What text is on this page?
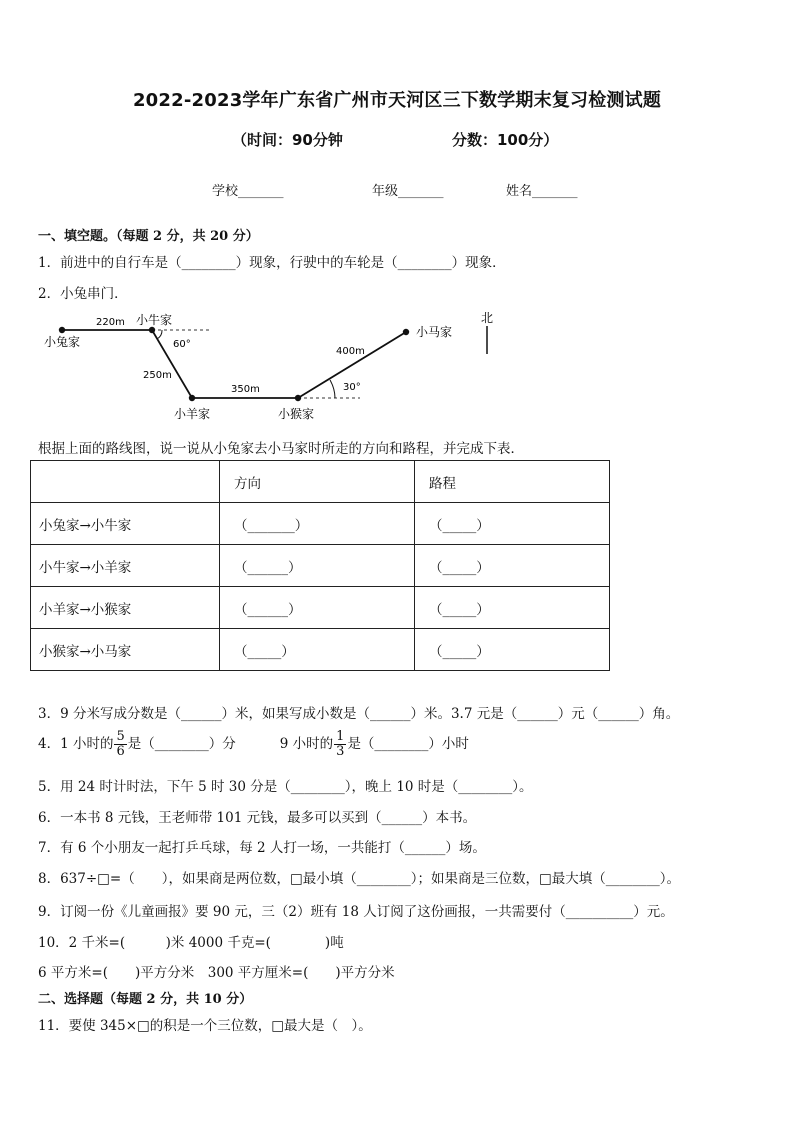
2022-2023学年广东省广州市天河区三下数学期末复习检测试题
（时间：90分钟	分数：100分）
学校_______	年级_______	姓名_______
一、填空题。（每题 2 分，共 20 分）
1．前进中的自行车是（________）现象，行驶中的车轮是（________）现象．
2．小兔串门．
小兔家
小牛家
小羊家	小猴家
小马家
220m
250m
350m
400m
60°
30°
北
根据上面的路线图，说一说从小兔家去小马家时所走的方向和路程，并完成下表．
	方向	路程
小兔家→小牛家	（_______）	（_____）
小牛家→小羊家	（______）	（_____）
小羊家→小猴家	（______）	（_____）
小猴家→小马家	（_____）	（_____）
3．9 分米写成分数是（______）米，如果写成小数是（______）米。3.7 元是（______）元（______）角。
4．1 小时的 $\frac{5}{6}$ 是（________）分	9 小时的 $\frac{1}{3}$ 是（________）小时
5．用 24 时计时法，下午 5 时 30 分是（________），晚上 10 时是（________）。
6．一本书 8 元钱，王老师带 101 元钱，最多可以买到（______）本书。
7．有 6 个小朋友一起打乒乓球，每 2 人打一场，一共能打（______）场。
8．637÷□=（　　），如果商是两位数，□最小填（________）；如果商是三位数，□最大填（________）。
9．订阅一份《儿童画报》要 90 元，三（2）班有 18 人订阅了这份画报，一共需要付（__________）元。
10．2 千米=(　　　)米 4000 千克=(　　　　)吨
6 平方米=(　　)平方分米　300 平方厘米=(　　)平方分米
二、选择题（每题 2 分，共 10 分）
11．要使 345×□的积是一个三位数，□最大是（　）。
